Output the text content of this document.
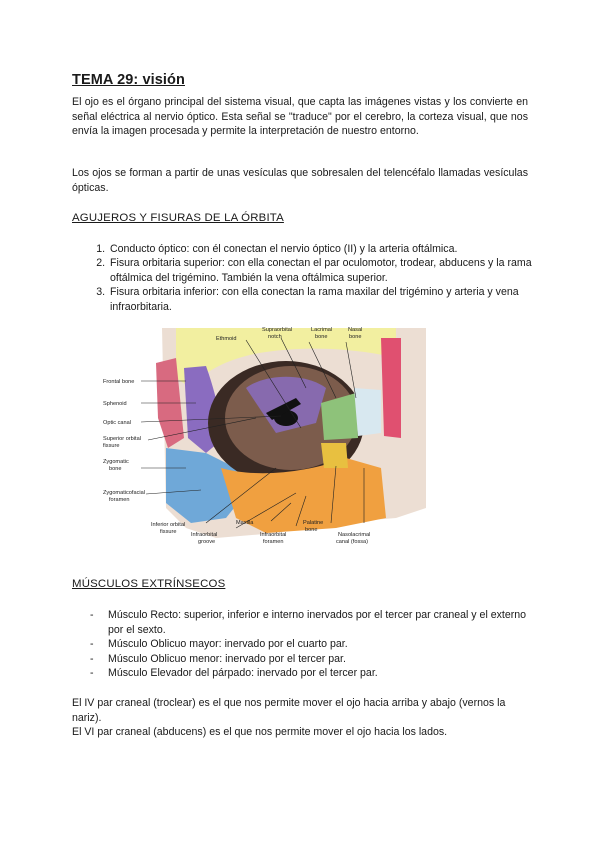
TEMA 29: visión

El ojo es el órgano principal del sistema visual, que capta las imágenes vistas y los convierte en señal eléctrica al nervio óptico. Esta señal se "traduce" por el cerebro, la corteza visual, que nos envía la imagen procesada y permite la interpretación de nuestro entorno.

Los ojos se forman a partir de unas vesículas que sobresalen del telencéfalo llamadas vesículas ópticas.

AGUJEROS Y FISURAS DE LA ÓRBITA
1. Conducto óptico: con él conectan el nervio óptico (II) y la arteria oftálmica.
2. Fisura orbitaria superior: con ella conectan el par oculomotor, trodear, abducens y la rama oftálmica del trigémino. También la vena oftálmica superior.
3. Fisura orbitaria inferior: con ella conectan la rama maxilar del trigémino y arteria y vena infraorbitaria.
MÚSCULOS EXTRÍNSECOS
- Músculo Recto: superior, inferior e interno inervados por el tercer par craneal y el externo por el sexto.
- Músculo Oblicuo mayor: inervado por el cuarto par.
- Músculo Oblicuo menor: inervado por el tercer par.
- Músculo Elevador del párpado: inervado por el tercer par.

El IV par craneal (troclear) es el que nos permite mover el ojo hacia arriba y abajo (vernos la nariz).

El VI par craneal (abducens) es el que nos permite mover el ojo hacia los lados.

Ethmoid
Supraorbital
notch
Lacrimal
bone
Nasal
bone
Frontal bone
Sphenoid
Optic canal
Superior orbital
fissure
Zygomatic
bone
Zygomaticofacial
foramen
Inferior orbital
fissure	Infraorbital
groove
Maxilla
Infraorbital
foramen
Palatine
bone
Nasolacrimal
canal (fossa)
